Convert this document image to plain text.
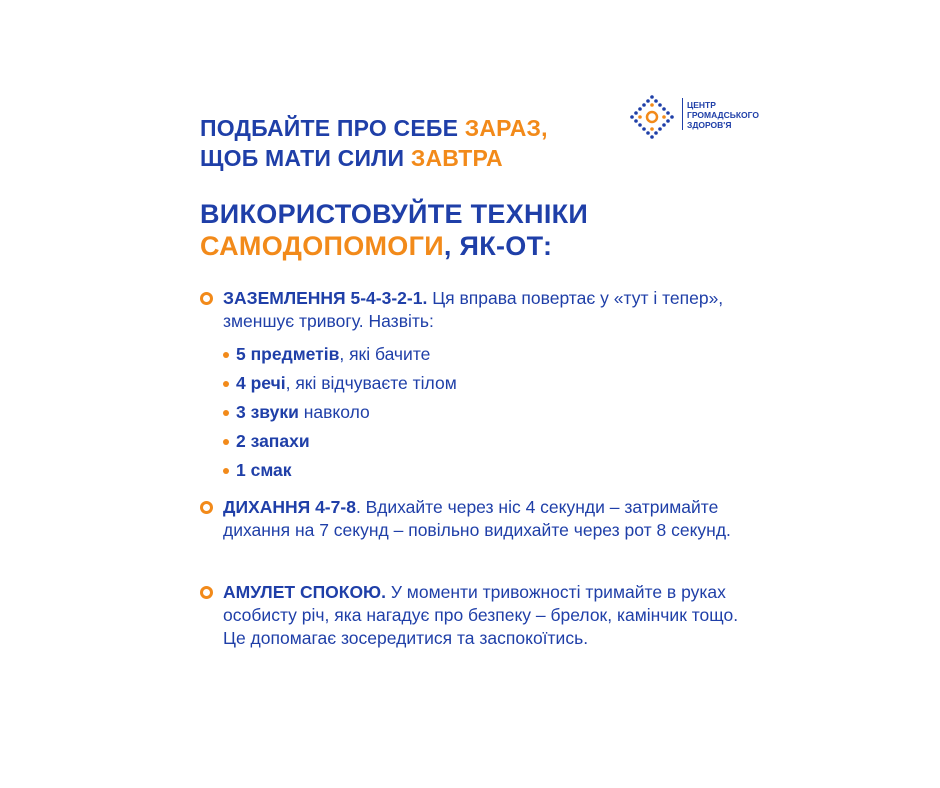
ПОДБАЙТЕ ПРО СЕБЕ ЗАРАЗ,
ЩОБ МАТИ СИЛИ ЗАВТРА
ЦЕНТР
ГРОМАДСЬКОГО
ЗДОРОВ'Я
ВИКОРИСТОВУЙТЕ ТЕХНІКИ
САМОДОПОМОГИ, ЯК-ОТ:
ЗАЗЕМЛЕННЯ 5-4-3-2-1. Ця вправа повертає у «тут і тепер», зменшує тривогу. Назвіть:
5 предметів, які бачите
4 речі, які відчуваєте тілом
3 звуки навколо
2 запахи
1 смак
ДИХАННЯ 4-7-8. Вдихайте через ніс 4 секунди – затримайте дихання на 7 секунд – повільно видихайте через рот 8 секунд.
АМУЛЕТ СПОКОЮ. У моменти тривожності тримайте в руках особисту річ, яка нагадує про безпеку – брелок, камінчик тощо. Це допомагає зосередитися та заспокоїтись.
